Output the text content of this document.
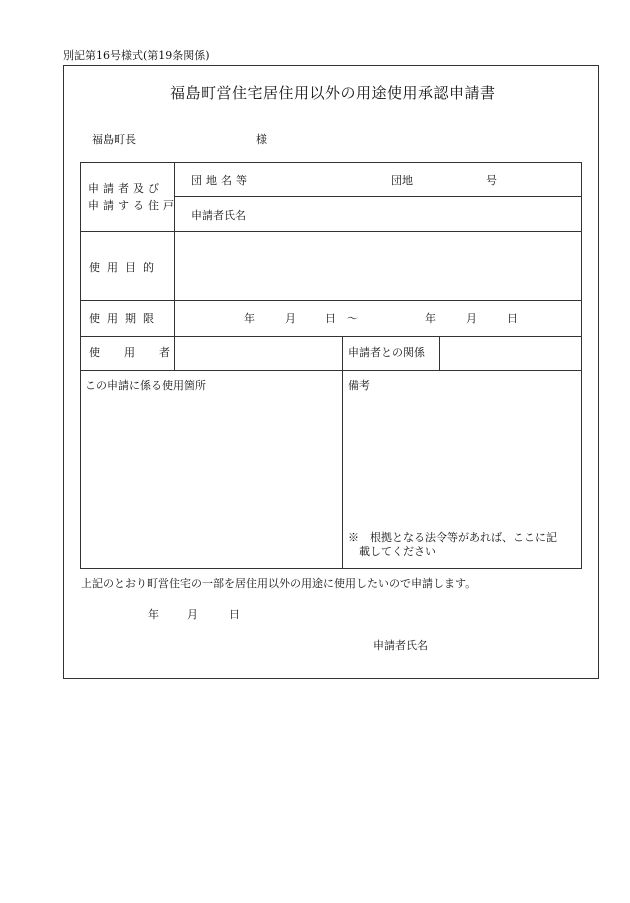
別記第16号様式(第19条関係)
福島町営住宅居住用以外の用途使用承認申請書
福島町長	様
申請者及び
申請する住戸
団地名等	団地	号
申請者氏名
使用目的
使用期限	年	月	日 ～	年	月	日
使用者	申請者との関係
この申請に係る使用箇所	備考
※　根拠となる法令等があれば、ここに記
載してください
上記のとおり町営住宅の一部を居住用以外の用途に使用したいので申請します。
年	月	日
申請者氏名
